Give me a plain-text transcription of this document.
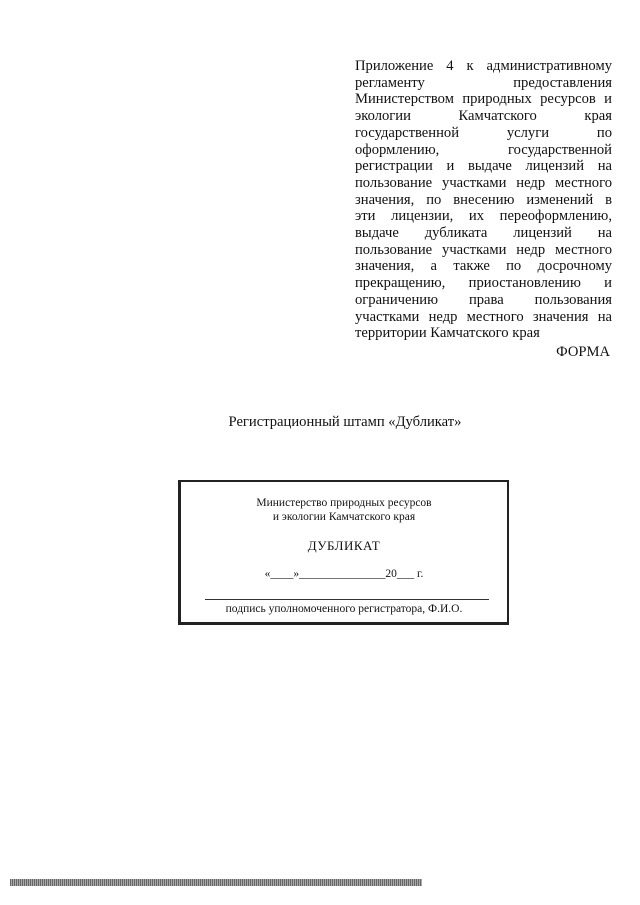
Приложение 4 к административному
регламенту предоставления
Министерством природных ресурсов и
экологии Камчатского края
государственной услуги по
оформлению, государственной
регистрации и выдаче лицензий на
пользование участками недр местного
значения, по внесению изменений в
эти лицензии, их переоформлению,
выдаче дубликата лицензий на
пользование участками недр местного
значения, а также по досрочному
прекращению, приостановлению и
ограничению права пользования
участками недр местного значения на
территории Камчатского края
ФОРМА
Регистрационный штамп «Дубликат»
Министерство природных ресурсов
и экологии Камчатского края
ДУБЛИКАТ
«____»_______________20___ г.
подпись уполномоченного регистратора, Ф.И.О.
